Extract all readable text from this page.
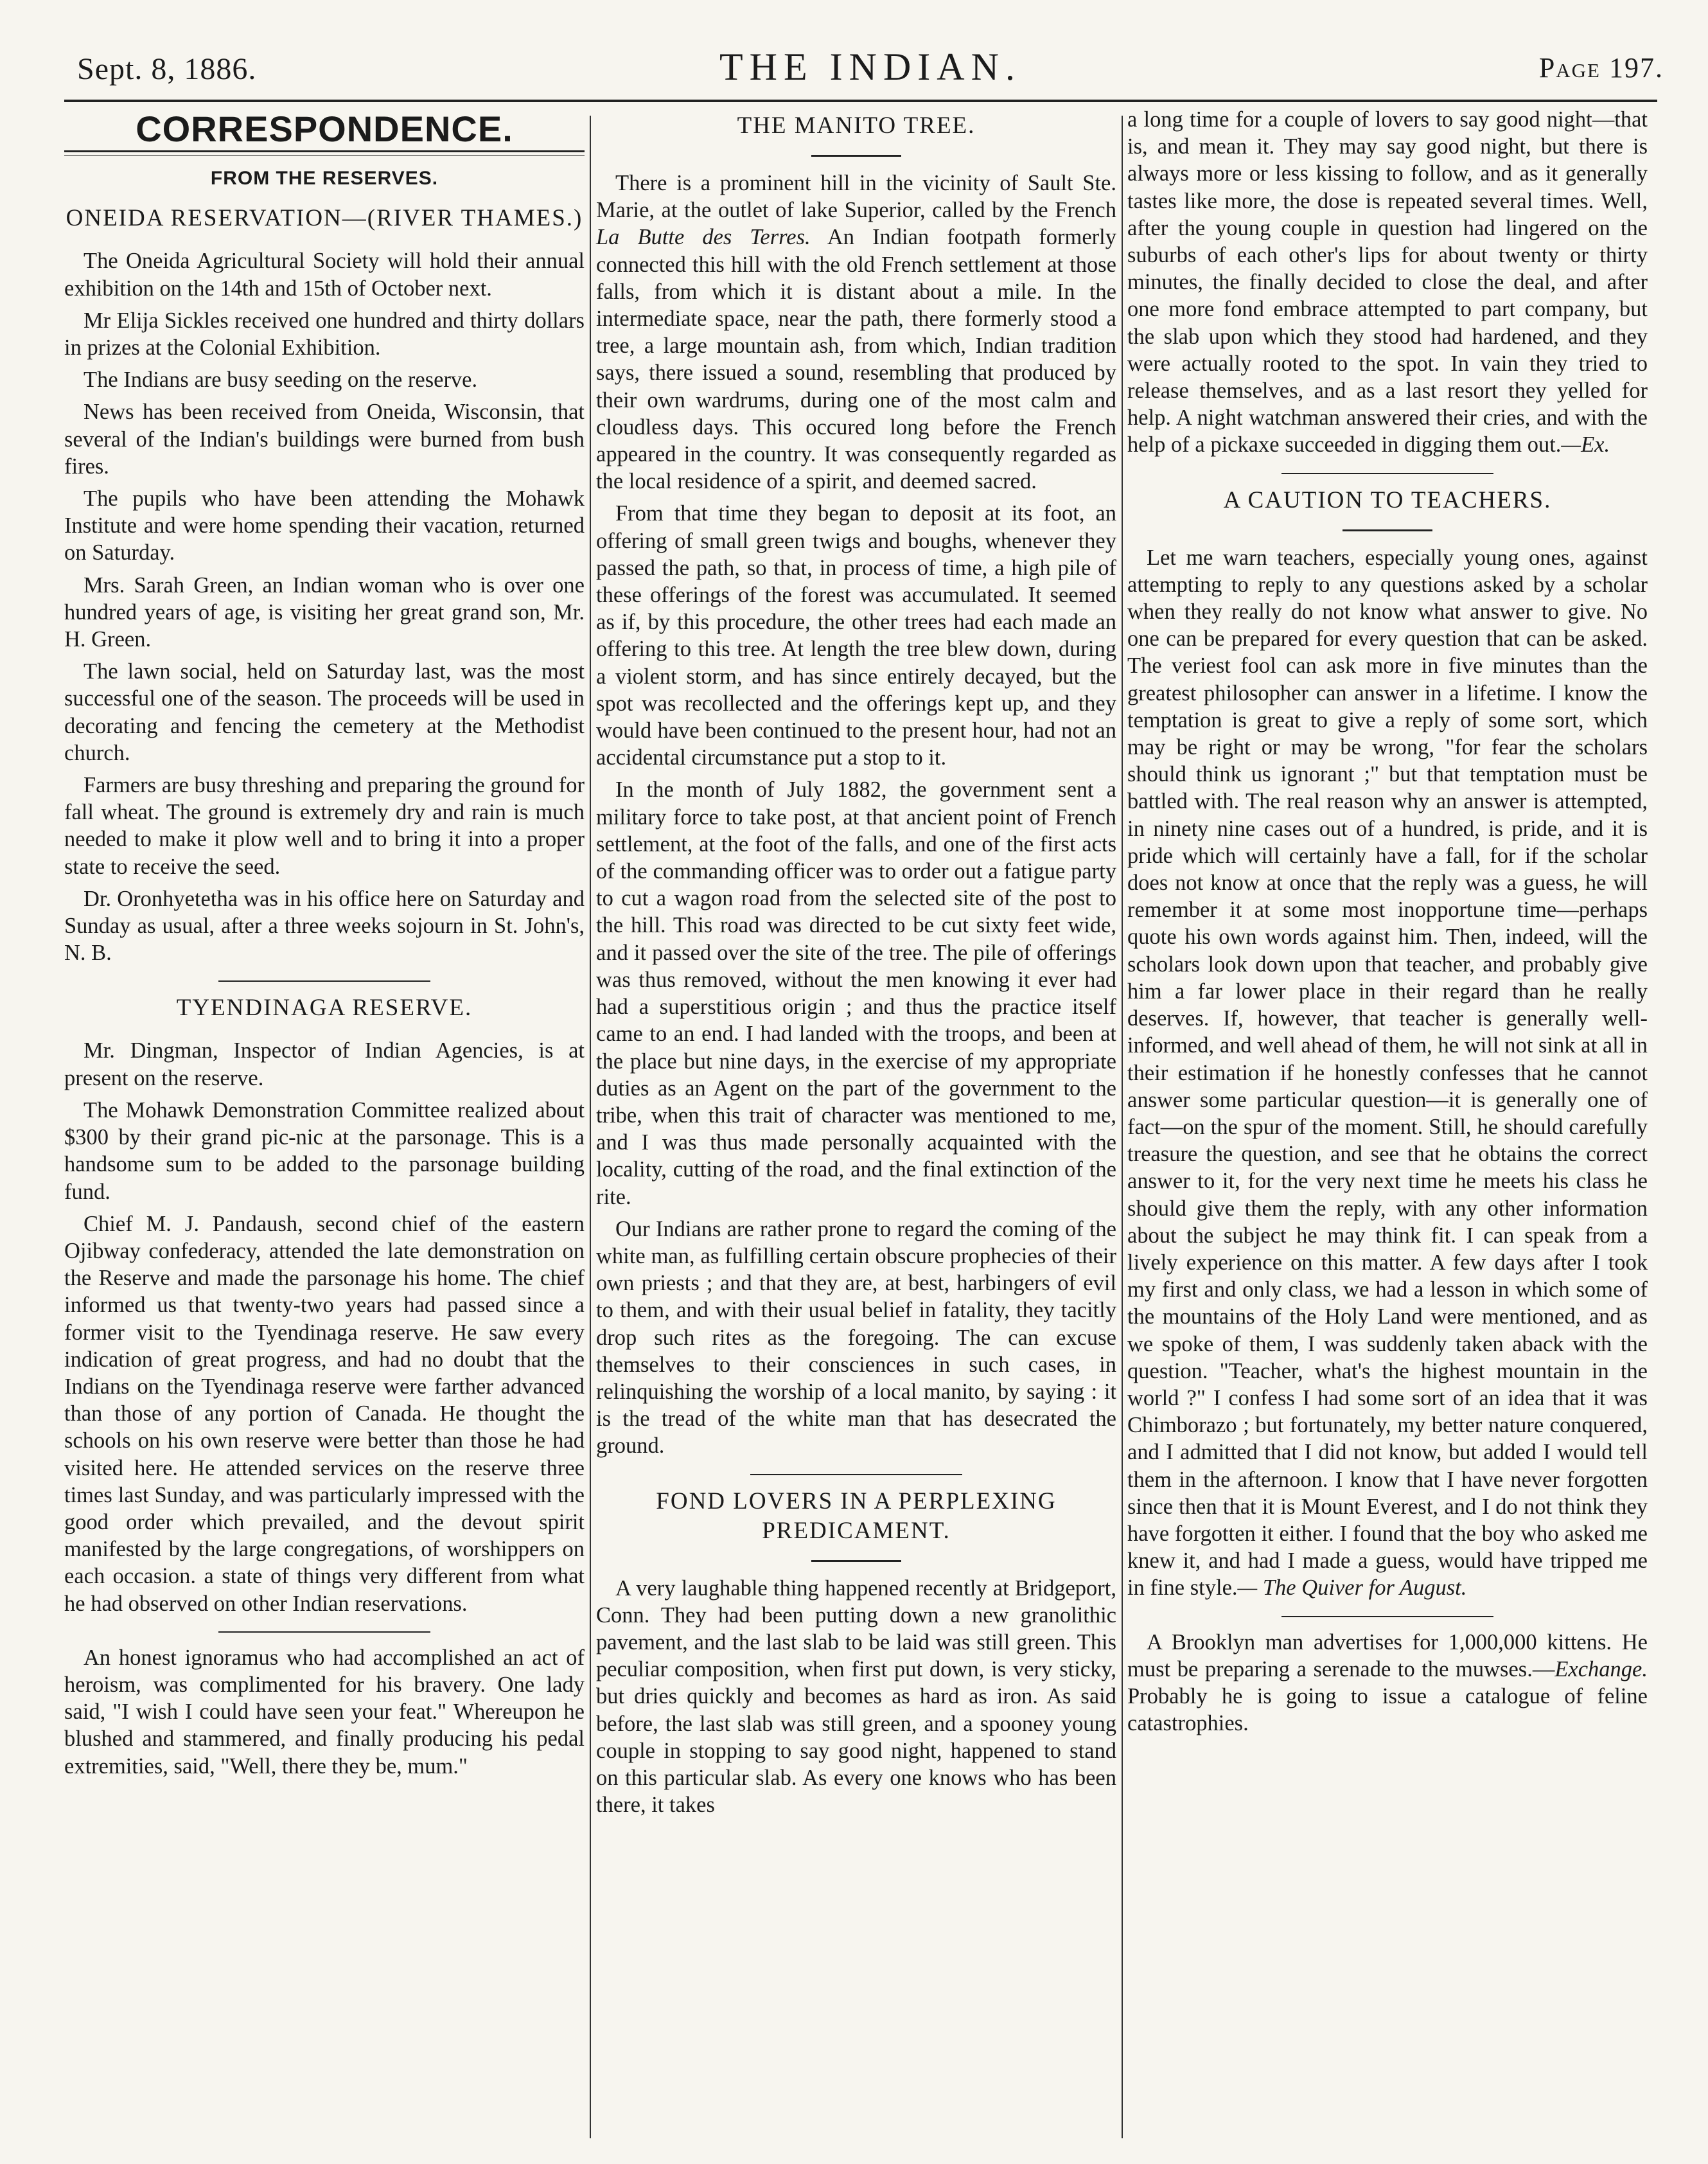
Sept. 8, 1886.	THE INDIAN.	Page 197.
CORRESPONDENCE.
FROM THE RESERVES.
ONEIDA RESERVATION—(RIVER THAMES.)

The Oneida Agricultural Society will hold their annual exhibition on the 14th and 15th of October next.

Mr Elija Sickles received one hundred and thirty dollars in prizes at the Colonial Exhibition.

The Indians are busy seeding on the reserve.

News has been received from Oneida, Wisconsin, that several of the Indian's buildings were burned from bush fires.

The pupils who have been attending the Mohawk Institute and were home spending their vacation, returned on Saturday.

Mrs. Sarah Green, an Indian woman who is over one hundred years of age, is visiting her great grand son, Mr. H. Green.

The lawn social, held on Saturday last, was the most successful one of the season. The proceeds will be used in decorating and fencing the cemetery at the Methodist church.

Farmers are busy threshing and preparing the ground for fall wheat. The ground is extremely dry and rain is much needed to make it plow well and to bring it into a proper state to receive the seed.

Dr. Oronhyetetha was in his office here on Saturday and Sunday as usual, after a three weeks sojourn in St. John's, N. B.

TYENDINAGA RESERVE.

Mr. Dingman, Inspector of Indian Agencies, is at present on the reserve.

The Mohawk Demonstration Committee realized about $300 by their grand pic-nic at the parsonage. This is a handsome sum to be added to the parsonage building fund.

Chief M. J. Pandaush, second chief of the eastern Ojibway confederacy, attended the late demonstration on the Reserve and made the parsonage his home. The chief informed us that twenty-two years had passed since a former visit to the Tyendinaga reserve. He saw every indication of great progress, and had no doubt that the Indians on the Tyendinaga reserve were farther advanced than those of any portion of Canada. He thought the schools on his own reserve were better than those he had visited here. He attended services on the reserve three times last Sunday, and was particularly impressed with the good order which prevailed, and the devout spirit manifested by the large congregations, of worshippers on each occasion. a state of things very different from what he had observed on other Indian reservations.

An honest ignoramus who had accomplished an act of heroism, was complimented for his bravery. One lady said, "I wish I could have seen your feat." Whereupon he blushed and stammered, and finally producing his pedal extremities, said, "Well, there they be, mum."

THE MANITO TREE.

There is a prominent hill in the vicinity of Sault Ste. Marie, at the outlet of lake Superior, called by the French La Butte des Terres. An Indian footpath formerly connected this hill with the old French settlement at those falls, from which it is distant about a mile. In the intermediate space, near the path, there formerly stood a tree, a large mountain ash, from which, Indian tradition says, there issued a sound, resembling that produced by their own wardrums, during one of the most calm and cloudless days. This occured long before the French appeared in the country. It was consequently regarded as the local residence of a spirit, and deemed sacred.

From that time they began to deposit at its foot, an offering of small green twigs and boughs, whenever they passed the path, so that, in process of time, a high pile of these offerings of the forest was accumulated. It seemed as if, by this procedure, the other trees had each made an offering to this tree. At length the tree blew down, during a violent storm, and has since entirely decayed, but the spot was recollected and the offerings kept up, and they would have been continued to the present hour, had not an accidental circumstance put a stop to it.

In the month of July 1882, the government sent a military force to take post, at that ancient point of French settlement, at the foot of the falls, and one of the first acts of the commanding officer was to order out a fatigue party to cut a wagon road from the selected site of the post to the hill. This road was directed to be cut sixty feet wide, and it passed over the site of the tree. The pile of offerings was thus removed, without the men knowing it ever had had a superstitious origin ; and thus the practice itself came to an end. I had landed with the troops, and been at the place but nine days, in the exercise of my appropriate duties as an Agent on the part of the government to the tribe, when this trait of character was mentioned to me, and I was thus made personally acquainted with the locality, cutting of the road, and the final extinction of the rite.

Our Indians are rather prone to regard the coming of the white man, as fulfilling certain obscure prophecies of their own priests ; and that they are, at best, harbingers of evil to them, and with their usual belief in fatality, they tacitly drop such rites as the foregoing. The can excuse themselves to their consciences in such cases, in relinquishing the worship of a local manito, by saying : it is the tread of the white man that has desecrated the ground.

FOND LOVERS IN A PERPLEXING PREDICAMENT.

A very laughable thing happened recently at Bridgeport, Conn. They had been putting down a new granolithic pavement, and the last slab to be laid was still green. This peculiar composition, when first put down, is very sticky, but dries quickly and becomes as hard as iron. As said before, the last slab was still green, and a spooney young couple in stopping to say good night, happened to stand on this particular slab. As every one knows who has been there, it takes

a long time for a couple of lovers to say good night—that is, and mean it. They may say good night, but there is always more or less kissing to follow, and as it generally tastes like more, the dose is repeated several times. Well, after the young couple in question had lingered on the suburbs of each other's lips for about twenty or thirty minutes, the finally decided to close the deal, and after one more fond embrace attempted to part company, but the slab upon which they stood had hardened, and they were actually rooted to the spot. In vain they tried to release themselves, and as a last resort they yelled for help. A night watchman answered their cries, and with the help of a pickaxe succeeded in digging them out.—Ex.

A CAUTION TO TEACHERS.

Let me warn teachers, especially young ones, against attempting to reply to any questions asked by a scholar when they really do not know what answer to give. No one can be prepared for every question that can be asked. The veriest fool can ask more in five minutes than the greatest philosopher can answer in a lifetime. I know the temptation is great to give a reply of some sort, which may be right or may be wrong, "for fear the scholars should think us ignorant ;" but that temptation must be battled with. The real reason why an answer is attempted, in ninety nine cases out of a hundred, is pride, and it is pride which will certainly have a fall, for if the scholar does not know at once that the reply was a guess, he will remember it at some most inopportune time—perhaps quote his own words against him. Then, indeed, will the scholars look down upon that teacher, and probably give him a far lower place in their regard than he really deserves. If, however, that teacher is generally well-informed, and well ahead of them, he will not sink at all in their estimation if he honestly confesses that he cannot answer some particular question—it is generally one of fact—on the spur of the moment. Still, he should carefully treasure the question, and see that he obtains the correct answer to it, for the very next time he meets his class he should give them the reply, with any other information about the subject he may think fit. I can speak from a lively experience on this matter. A few days after I took my first and only class, we had a lesson in which some of the mountains of the Holy Land were mentioned, and as we spoke of them, I was suddenly taken aback with the question. "Teacher, what's the highest mountain in the world ?" I confess I had some sort of an idea that it was Chimborazo ; but fortunately, my better nature conquered, and I admitted that I did not know, but added I would tell them in the afternoon. I know that I have never forgotten since then that it is Mount Everest, and I do not think they have forgotten it either. I found that the boy who asked me knew it, and had I made a guess, would have tripped me in fine style.— The Quiver for August.

A Brooklyn man advertises for 1,000,000 kittens. He must be preparing a serenade to the muwses.—Exchange. Probably he is going to issue a catalogue of feline catastrophies.
